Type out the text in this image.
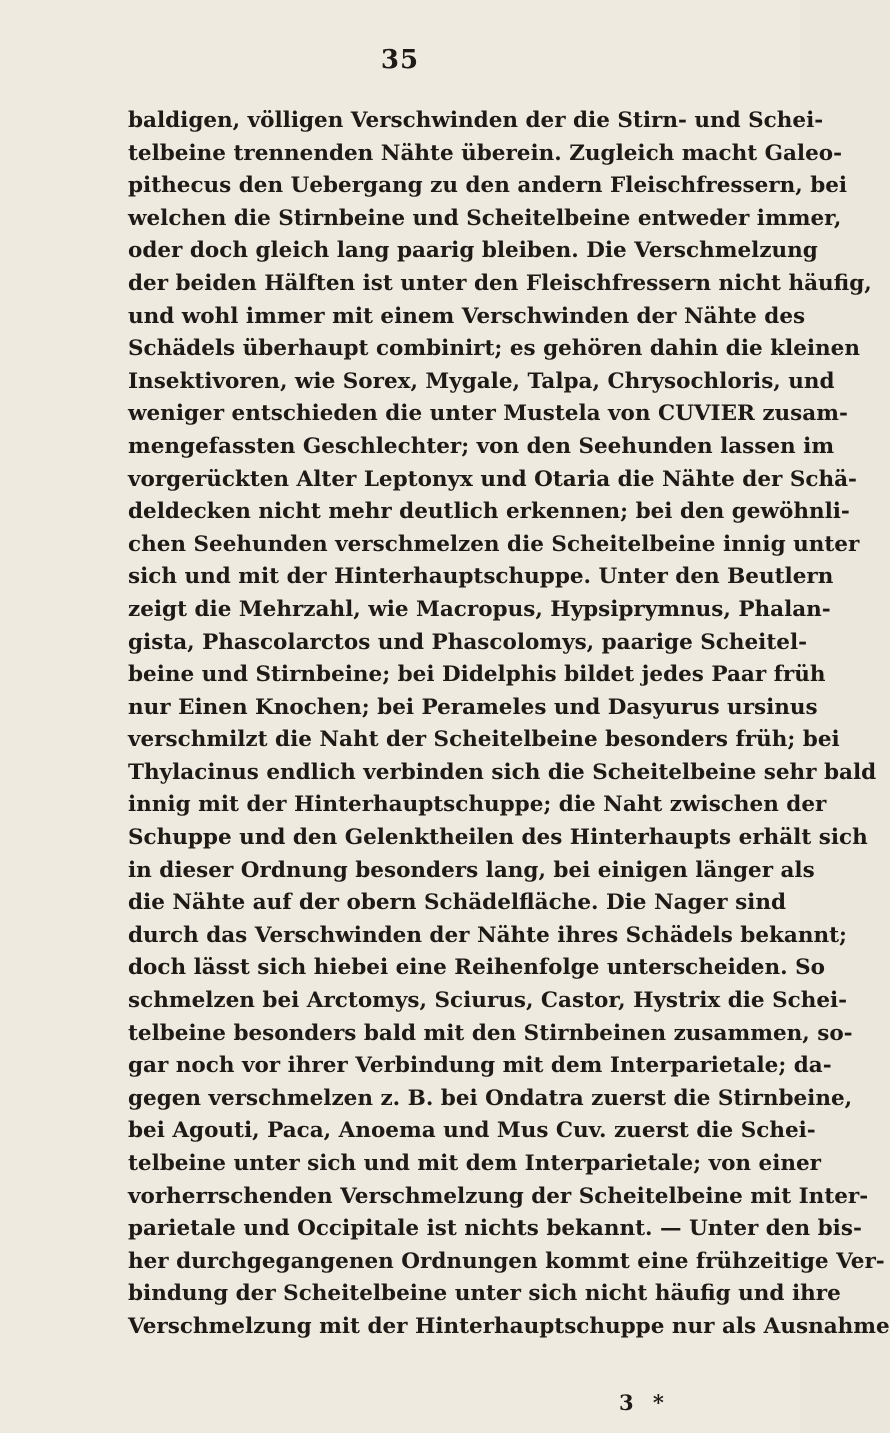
35
baldigen, völligen Verschwinden der die Stirn- und Schei-
telbeine trennenden Nähte überein. Zugleich macht Galeo-
pithecus den Uebergang zu den andern Fleischfressern, bei
welchen die Stirnbeine und Scheitelbeine entweder immer,
oder doch gleich lang paarig bleiben. Die Verschmelzung
der beiden Hälften ist unter den Fleischfressern nicht häufig,
und wohl immer mit einem Verschwinden der Nähte des
Schädels überhaupt combinirt; es gehören dahin die kleinen
Insektivoren, wie Sorex, Mygale, Talpa, Chrysochloris, und
weniger entschieden die unter Mustela von CUVIER zusam-
mengefassten Geschlechter; von den Seehunden lassen im
vorgerückten Alter Leptonyx und Otaria die Nähte der Schä-
deldecken nicht mehr deutlich erkennen; bei den gewöhnli-
chen Seehunden verschmelzen die Scheitelbeine innig unter
sich und mit der Hinterhauptschuppe. Unter den Beutlern
zeigt die Mehrzahl, wie Macropus, Hypsiprymnus, Phalan-
gista, Phascolarctos und Phascolomys, paarige Scheitel-
beine und Stirnbeine; bei Didelphis bildet jedes Paar früh
nur Einen Knochen; bei Perameles und Dasyurus ursinus
verschmilzt die Naht der Scheitelbeine besonders früh; bei
Thylacinus endlich verbinden sich die Scheitelbeine sehr bald
innig mit der Hinterhauptschuppe; die Naht zwischen der
Schuppe und den Gelenktheilen des Hinterhaupts erhält sich
in dieser Ordnung besonders lang, bei einigen länger als
die Nähte auf der obern Schädelfläche. Die Nager sind
durch das Verschwinden der Nähte ihres Schädels bekannt;
doch lässt sich hiebei eine Reihenfolge unterscheiden. So
schmelzen bei Arctomys, Sciurus, Castor, Hystrix die Schei-
telbeine besonders bald mit den Stirnbeinen zusammen, so-
gar noch vor ihrer Verbindung mit dem Interparietale; da-
gegen verschmelzen z. B. bei Ondatra zuerst die Stirnbeine,
bei Agouti, Paca, Anoema und Mus Cuv. zuerst die Schei-
telbeine unter sich und mit dem Interparietale; von einer
vorherrschenden Verschmelzung der Scheitelbeine mit Inter-
parietale und Occipitale ist nichts bekannt. — Unter den bis-
her durchgegangenen Ordnungen kommt eine frühzeitige Ver-
bindung der Scheitelbeine unter sich nicht häufig und ihre
Verschmelzung mit der Hinterhauptschuppe nur als Ausnahme
3 *
